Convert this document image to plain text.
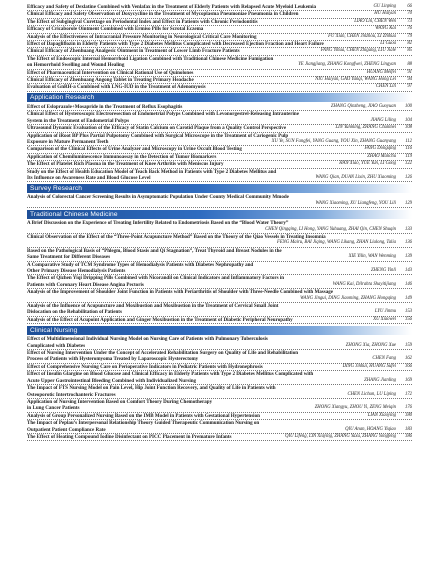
Efficacy and Safety of Dexlatine Combined with Venlafax in the Treatment of Elderly Patients with Relapsed Acute Myeloid Leukemia	GU Linping	66
Clinical Efficacy and Safety Observation of Doxycycline in the Treatment of Mycoplasma Pneumoniae Pneumonia in Children	HU Haiyan	70
The Effect of Subgingival Curettage on Periodontal Index and Effect in Patients with Chronic Periodontitis	LIAO Lin, CHEN Wen	73
Efficacy of Cricaborole Ointment Combined with Ermiso Pills for Scrotal Eczema	WANG Kai	76
Analysis of the Effectiveness of Intracranial Pressure Monitoring in Neurological Critical Care Monitoring	FU Xian, CHEN Jinzhou, LI Zhihua	79
Effect of Dapagliflozin in Elderly Patients with Type 2 Diabetes Mellitus Complicated with Decreased Ejection Fraction and Heart Failure	LI Guoa	82
Clinical Efficacy of Zhenhuang Analgesic Ointment in Treatment of Lower Limb Fracture Patients	FANG Yihua, CHEN Zhigang, LIU Jiale	85
The Effect of Endoscopic Internal Hemorrhoid Ligation Combined with Traditional Chinese Medicine Fumigation
on Hemorrhoid Swelling and Wound Healing	YE Jiangjiang, ZHANG Kongfwei, ZHENG Lingyan	88
Effect of Pharmaceutical Intervention on Clinical Rational Use of Quinolones	HUANG Meifei	91
Clinical Efficacy of Zhenhuang Angong Tablet in Treating Primary Headache	NIU Haiyan, GAO Yanqi, WANG Hong Lei	94
Evaluation of GnRH-a Combined with LNG-IUD in the Treatment of Adenomyosis	CHEN Lili	97
Application Research
Effect of Esloprazole+Mosapride in the Treatment of Reflux Esophagitis	ZHANG Qinzheng, JIAO Guoyuan	100
Clinical Effect of Hysteroscopic Electroresection of Endometrial Polyps Combined with Levonorgestrel-Releasing Intrauterine
System in the Treatment of Endometrial Polyps	JIANG Liling	104
Ultrasound Dynamic Evaluation of the Efficacy of Statin Calcium on Carotid Plaque from a Quality Control Perspective	LIN Yunming, ZHANG Chunmei	108
Application of iRoot BP Plus Partial Pulpotomy Combined with Surgical Microscope in the Treatment of Cariogenic Pulp
Exposure in Mature Permanent Teeth	XU Ye, SUN Fangfei, YANG Guang, YOU Xin, ZHANG Guanyang	112
Comparison of the Clinical Effects of Urine Analyzer and Microscopy in Urine Occult Blood Testing	FANG Dongqing	116
Application of Chemiluminescence Immunoassay in the Detection of Tumor Biomarkers	ZHAO Manchu	119
The Effect of Platelet Rich Plasma in the Treatment of Knee Arthritis with Meniscus Injury	HAN Xiao, YUE Yun, LI Gong	122
Study on the Effect of Health Education Model of Teach Back Method in Patients with Type 2 Diabetes Mellitus and
Its Influence on Awareness Rate and Blood Glucose Level	WANG Qian, DUAN Lixin, ZHU Xiaoming	126
Survey Research
Analysis of Colorectal Cancer Screening Results in Asymptomatic Population Under County Medical Community Mmode

WANG Xiaoming, XU Liangfeng, YOU Lili	129
Traditional Chinese Medicine
A Brief Discussion on the Experience of Treating Infertility Related to Endometriosis Based on the “Blood Water Theory”

CHEN Qingqing, LI Hong, YANG Yuhuang, ZHAI Qin, CHEN Shuqin	133
Clinical Observation of the Effect of the “Three-Point Acupuncture Method” Based on the Theory of the Qiao Vessels in Treating Insomnia

FENG Mairu, BAI Jiqing, WANG Likang, ZHAN Liulong, Talia	136
Based on the Pathological Basis of “Phlegm, Blood Stasis and Qi Stagnation”, Treat Thyroid and Breast Nodules in the
Same Treatment for Different Diseases	XIE Yilin, WAN Wenming	139
A Comparative Study of TCM Syndrome Types of Hemodialysis Patients with Diabetes Nephropathy and
Other Primary Disease Hemodialysis Patients	ZHENG Yinli	143
The Effect of Qizhen Yiqi Dripping Pills Combined with Nicorandil on Clinical Indicators and Inflammatory Factors in
Patients with Coronary Heart Disease Angina Pectoris	WANG Kai, Dilrahta Shayitijiang	146
Analysis of the Improvement of Shoulder Joint Function in Patients with Periarthritis of Shoulder with Three-Needle Combined with Massage

WANG Jingui, DING Jiaoming, ZHANG Hongqing	149
Analysis of the Influence of Acupuncture and Moxibustion and Moxibustion in the Treatment of Cervical Small Joint
Dislocation on the Rehabilitation of Patients	LYU Jinmu	153
Analysis of the Effect of Acupoint Application and Ginger Moxibustion in the Treatment of Diabetic Peripheral Neuropathy	XU Xiaowei	156
Clinical Nursing
Effect of Multidimensional Individual Nursing Model on Nursing Care of Patients with Pulmonary Tuberculosis
Complicated with Diabetes	ZHONG Xia, ZHONG Xue	159
Effect of Nursing Intervention Under the Concept of Accelerated Rehabilitation Surgery on Quality of Life and Rehabilitation
Process of Patients with Hysteromyoma Treated by Laparoscopic Hysterectomy	CHEN Fang	162
Effect of Comprehensive Nursing Care on Perioperative Indicators in Pediatric Patients with Hydronephrosis	DING Jinhui, HUANG Sufei	166
Effect of Insulin Glargine on Blood Glucose and Clinical Efficacy in Elderly Patients with Type 2 Diabetes Mellitus Complicated with
Acute Upper Gastrointestinal Bleeding Combined with Individualized Nursing	ZHANG Jianling	169
The Impact of FTS Nursing Model on Pain Level, Hip Joint Function Recovery, and Quality of Life in Patients with
Osteoporotic Intertrochanteric Fractures	CHEN Lichun, LU Liping	172
Application of Nursing Intervention Based on Comfort Theory During Chemotherapy
in Lung Cancer Patients	ZHONG Xiangyu, ZHOU Yi, ZENG Meiqin	176
Analysis of Group Personalized Nursing Based on the IMB Model in Patients with Gestational Hypertension	LIAN Xiaoying	180
The Impact of Peplau’s Interpersonal Relationship Theory Guided Therapeutic Communication Nursing on
Outpatient Patient Compliance Rate	QIU Anan, HOANG Yiqiao	183
The Effect of Heating Compound Iodine Disinfectant on PICC Placement in Premature Infants	QIU Lifeng, LIN Xiaying, ZHANG Yaxu, ZHANG Yongfeng	186
